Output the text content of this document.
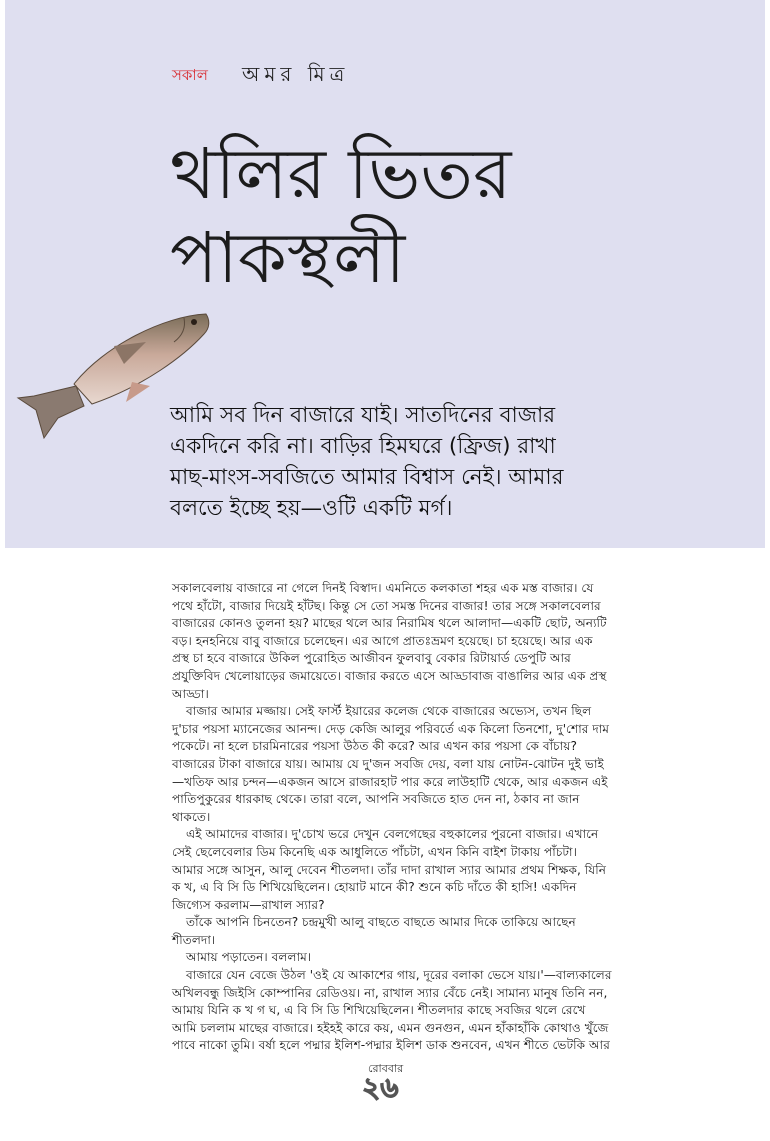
সকাল অমর মিত্র
থলির ভিতর
পাকস্থলী
আমি সব দিন বাজারে যাই। সাতদিনের বাজার
একদিনে করি না। বাড়ির হিমঘরে (ফ্রিজ) রাখা
মাছ-মাংস-সবজিতে আমার বিশ্বাস নেই। আমার
বলতে ইচ্ছে হয়—ওটি একটি মর্গ।

সকালবেলায় বাজারে না গেলে দিনই বিস্বাদ। এমনিতে কলকাতা শহর এক মস্ত বাজার। যে পথে হাঁটো, বাজার দিয়েই হাঁটছ। কিন্তু সে তো সমস্ত দিনের বাজার! তার সঙ্গে সকালবেলার বাজারের কোনও তুলনা হয়? মাছের থলে আর নিরামিষ থলে আলাদা—একটি ছোট, অন্যটি বড়। হনহনিয়ে বাবু বাজারে চলেছেন। এর আগে প্রাতঃভ্রমণ হয়েছে। চা হয়েছে। আর এক প্রস্থ চা হবে বাজারে উকিল পুরোহিত আজীবন ফুলবাবু বেকার রিটায়ার্ড ডেপুটি আর প্রযুক্তিবিদ খেলোয়াড়ের জমায়েতে। বাজার করতে এসে আড্ডাবাজ বাঙালির আর এক প্রস্থ আড্ডা।

বাজার আমার মজ্জায়। সেই ফার্স্ট ইয়ারের কলেজ থেকে বাজারের অভ্যেস, তখন ছিল দু'চার পয়সা ম্যানেজের আনন্দ। দেড় কেজি আলুর পরিবর্তে এক কিলো তিনশো, দু'শোর দাম পকেটে। না হলে চারমিনারের পয়সা উঠত কী করে? আর এখন কার পয়সা কে বাঁচায়? বাজারের টাকা বাজারে যায়। আমায় যে দু'জন সবজি দেয়, বলা যায় নোটন-ঝোটন দুই ভাই—খতিফ আর চন্দন—একজন আসে রাজারহাট পার করে লাউহাটি থেকে, আর একজন এই পাতিপুকুরের ধারকাছ থেকে। তারা বলে, আপনি সবজিতে হাত দেন না, ঠকাব না জান থাকতে।

এই আমাদের বাজার। দু'চোখ ভরে দেখুন বেলগেছের বহুকালের পুরনো বাজার। এখানে সেই ছেলেবেলার ডিম কিনেছি এক আধুলিতে পাঁচটা, এখন কিনি বাইশ টাকায় পাঁচটা। আমার সঙ্গে আসুন, আলু দেবেন শীতলদা। তাঁর দাদা রাখাল স্যার আমার প্রথম শিক্ষক, যিনি ক খ, এ বি সি ডি শিখিয়েছিলেন। হোয়াট মানে কী? শুনে কচি দাঁতে কী হাসি! একদিন জিগ্যেস করলাম—রাখাল স্যার?

তাঁকে আপনি চিনতেন? চন্দ্রমুখী আলু বাছতে বাছতে আমার দিকে তাকিয়ে আছেন শীতলদা।

আমায় পড়াতেন। বললাম।

বাজারে যেন বেজে উঠল 'ওই যে আকাশের গায়, দূরের বলাকা ভেসে যায়।'—বাল্যকালের অখিলবন্ধু জিইসি কোম্পানির রেডিওয়। না, রাখাল স্যার বেঁচে নেই। সামান্য মানুষ তিনি নন, আমায় যিনি ক খ গ ঘ, এ বি সি ডি শিখিয়েছিলেন। শীতলদার কাছে সবজির থলে রেখে আমি চললাম মাছের বাজারে। হইহই কারে কয়, এমন গুনগুন, এমন হাঁকাহাঁকি কোথাও খুঁজে পাবে নাকো তুমি। বর্ষা হলে পদ্মার ইলিশ-পদ্মার ইলিশ ডাক শুনবেন, এখন শীতে ভেটকি আর

রোববার
২৬
